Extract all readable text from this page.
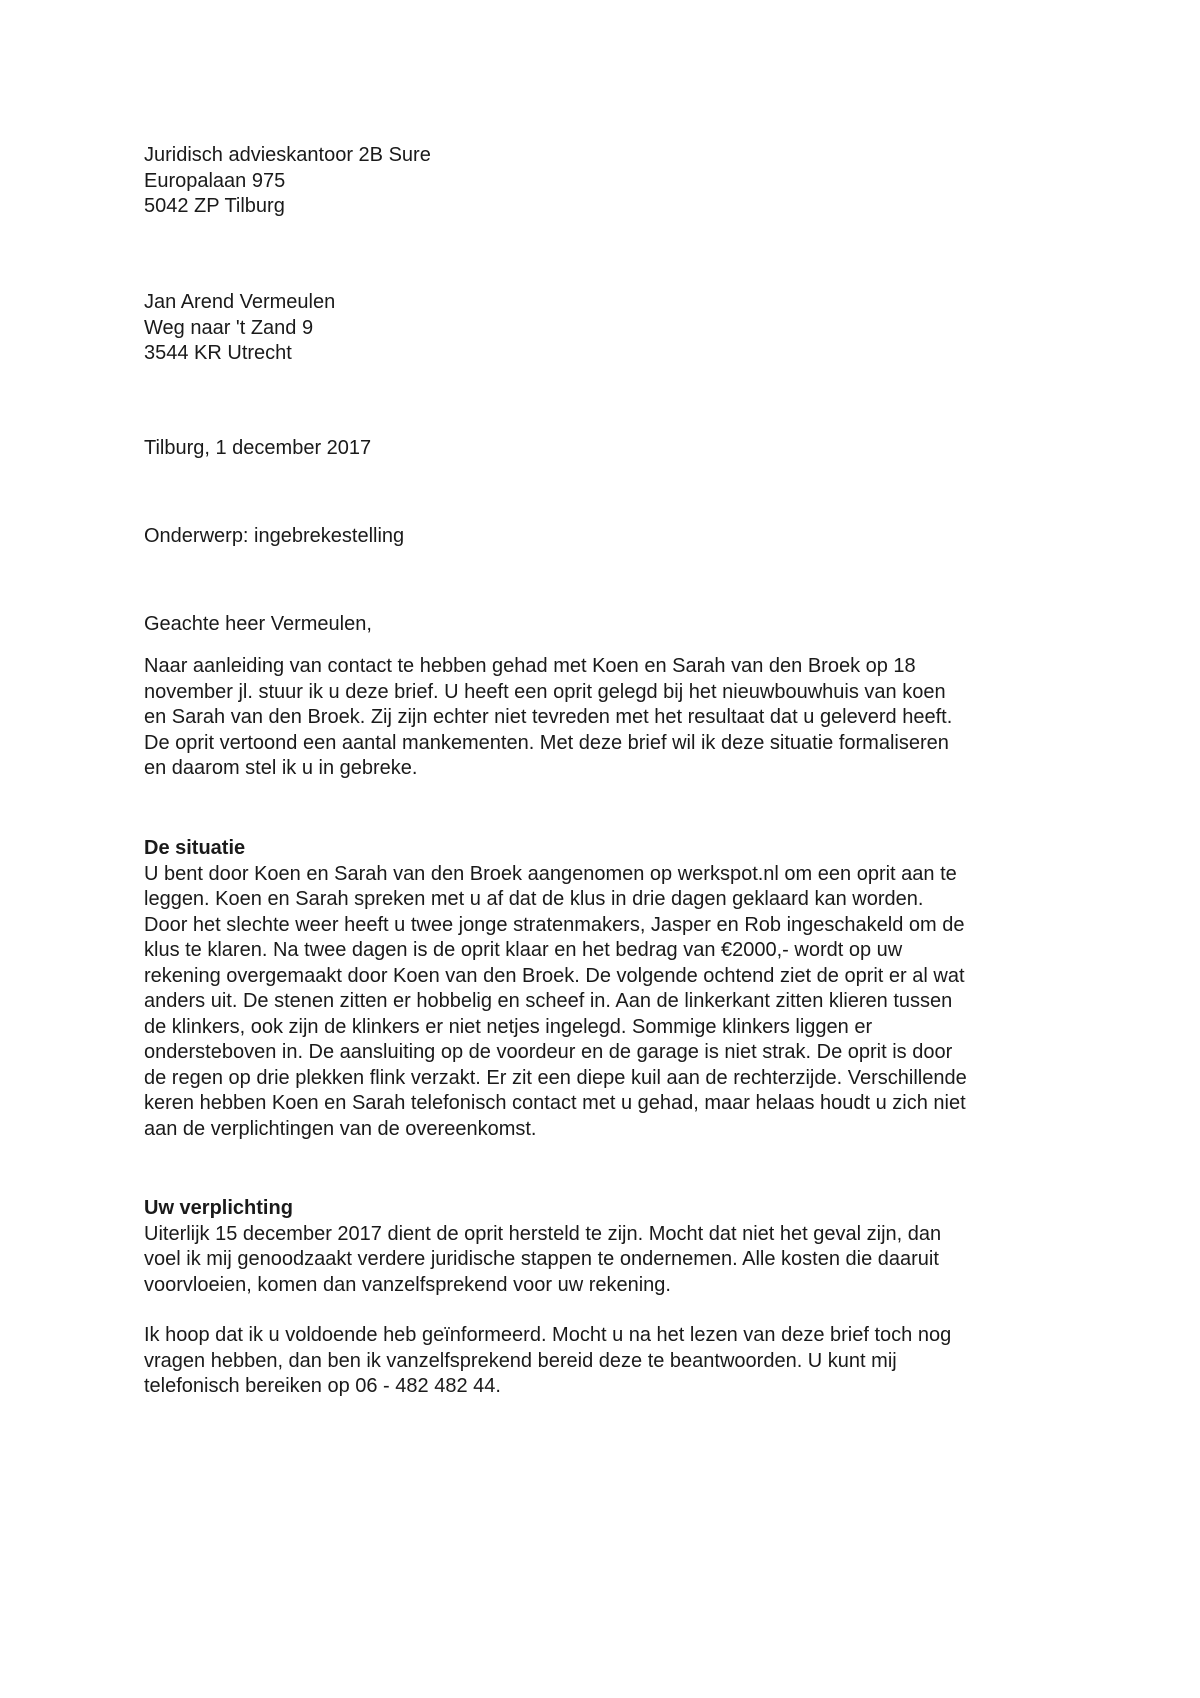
Juridisch advieskantoor 2B Sure
Europalaan 975
5042 ZP Tilburg
Jan Arend Vermeulen
Weg naar 't Zand 9
3544 KR Utrecht
Tilburg, 1 december 2017
Onderwerp: ingebrekestelling
Geachte heer Vermeulen,
Naar aanleiding van contact te hebben gehad met Koen en Sarah van den Broek op 18
november jl. stuur ik u deze brief. U heeft een oprit gelegd bij het nieuwbouwhuis van koen
en Sarah van den Broek. Zij zijn echter niet tevreden met het resultaat dat u geleverd heeft.
De oprit vertoond een aantal mankementen. Met deze brief wil ik deze situatie formaliseren
en daarom stel ik u in gebreke.
De situatie
U bent door Koen en Sarah van den Broek aangenomen op werkspot.nl om een oprit aan te
leggen. Koen en Sarah spreken met u af dat de klus in drie dagen geklaard kan worden.
Door het slechte weer heeft u twee jonge stratenmakers, Jasper en Rob ingeschakeld om de
klus te klaren. Na twee dagen is de oprit klaar en het bedrag van €2000,- wordt op uw
rekening overgemaakt door Koen van den Broek. De volgende ochtend ziet de oprit er al wat
anders uit. De stenen zitten er hobbelig en scheef in. Aan de linkerkant zitten klieren tussen
de klinkers, ook zijn de klinkers er niet netjes ingelegd. Sommige klinkers liggen er
ondersteboven in. De aansluiting op de voordeur en de garage is niet strak. De oprit is door
de regen op drie plekken flink verzakt. Er zit een diepe kuil aan de rechterzijde. Verschillende
keren hebben Koen en Sarah telefonisch contact met u gehad, maar helaas houdt u zich niet
aan de verplichtingen van de overeenkomst.
Uw verplichting
Uiterlijk 15 december 2017 dient de oprit hersteld te zijn. Mocht dat niet het geval zijn, dan
voel ik mij genoodzaakt verdere juridische stappen te ondernemen. Alle kosten die daaruit
voorvloeien, komen dan vanzelfsprekend voor uw rekening.
Ik hoop dat ik u voldoende heb geïnformeerd. Mocht u na het lezen van deze brief toch nog
vragen hebben, dan ben ik vanzelfsprekend bereid deze te beantwoorden. U kunt mij
telefonisch bereiken op 06 - 482 482 44.
